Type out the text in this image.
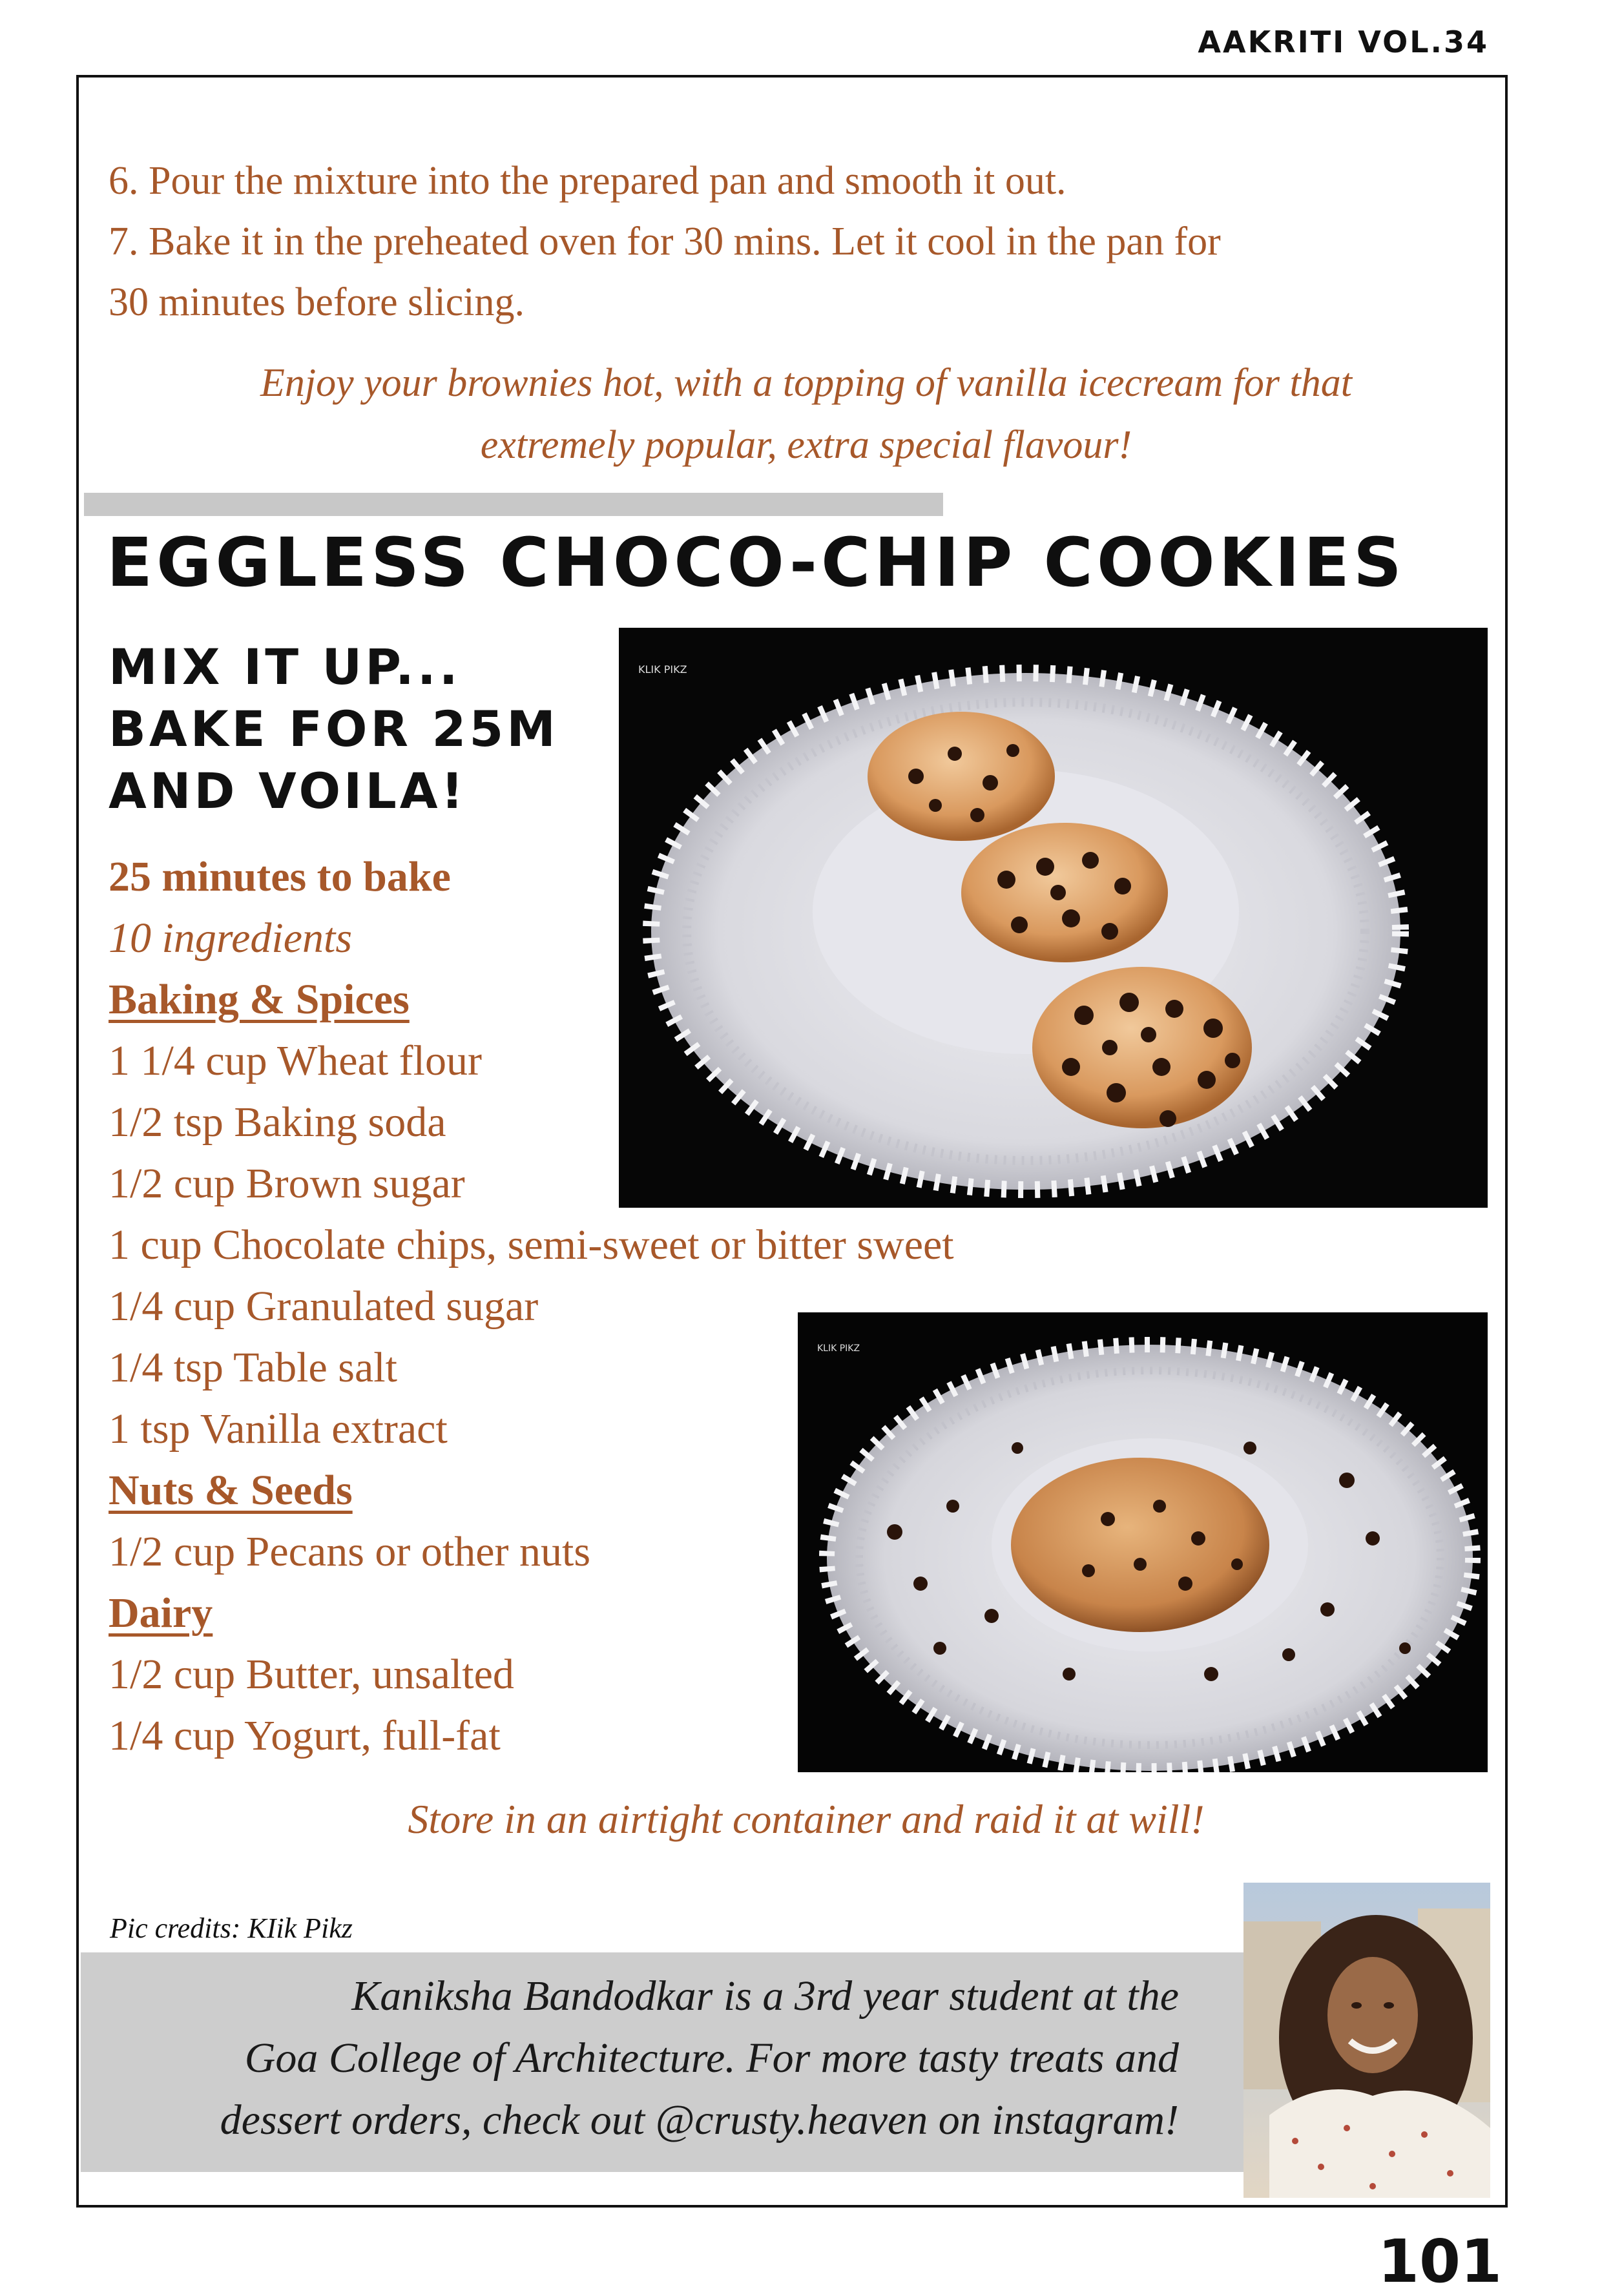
AAKRITI VOL.34
6. Pour the mixture into the prepared pan and smooth it out.
7. Bake it in the preheated oven for 30 mins. Let it cool in the pan for
30 minutes before slicing.
Enjoy your brownies hot, with a topping of vanilla icecream for that
extremely popular, extra special flavour!
EGGLESS CHOCO-CHIP COOKIES
MIX IT UP...
BAKE FOR 25M
AND VOILA!
25 minutes to bake
10 ingredients
Baking & Spices
1 1/4 cup Wheat flour
1/2 tsp Baking soda
1/2 cup Brown sugar
1 cup Chocolate chips, semi-sweet or bitter sweet
1/4 cup Granulated sugar
1/4 tsp Table salt
1 tsp Vanilla extract
Nuts & Seeds
1/2 cup Pecans or other nuts
Dairy
1/2 cup Butter, unsalted
1/4 cup Yogurt, full-fat
KLIK PIKZ
KLIK PIKZ
Store in an airtight container and raid it at will!
Pic credits: KIik Pikz
Kaniksha Bandodkar is a 3rd year student at the
Goa College of Architecture. For more tasty treats and
dessert orders, check out @crusty.heaven on instagram!
101
